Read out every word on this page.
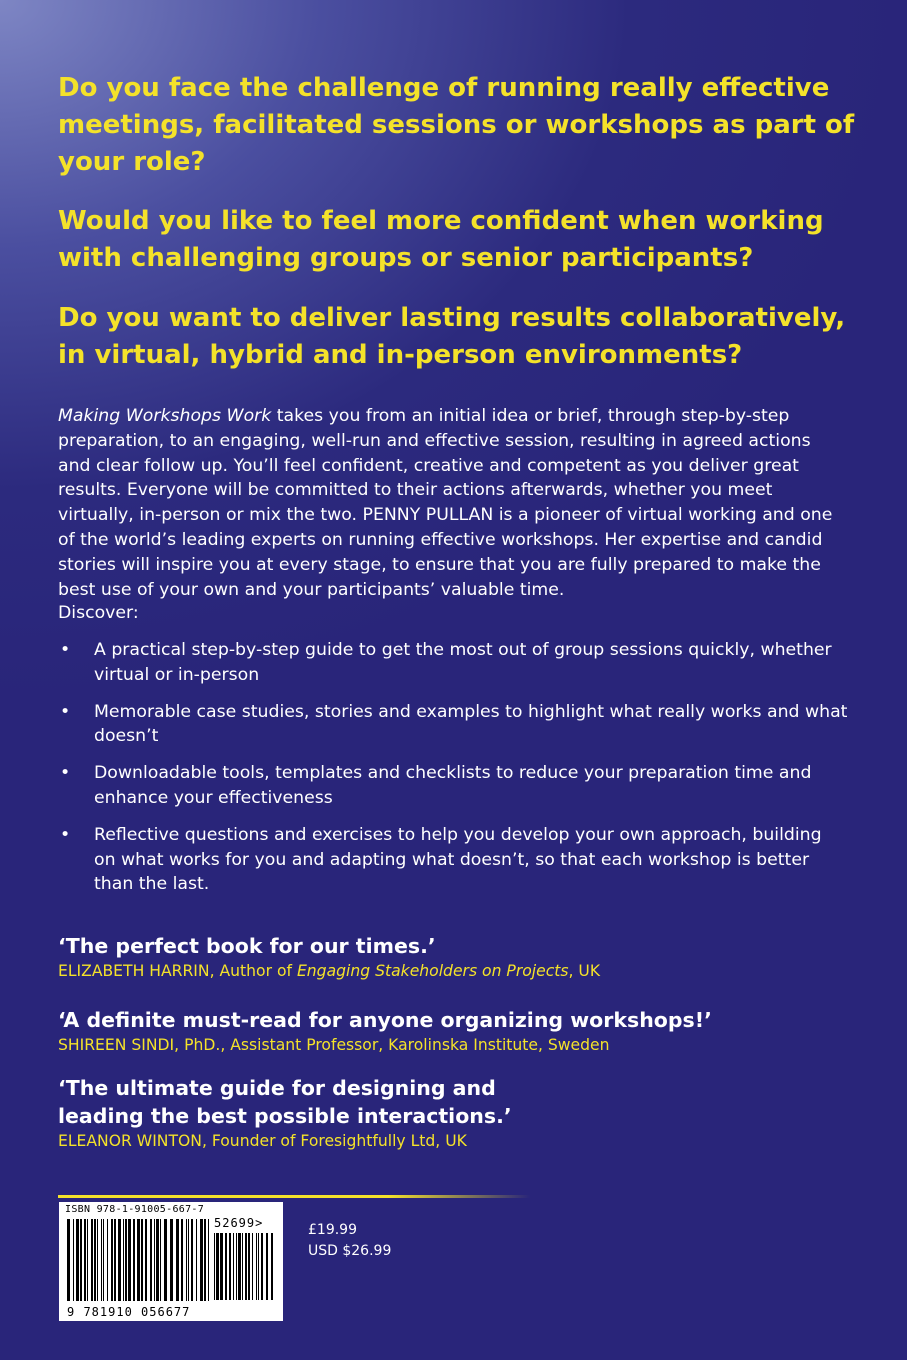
Do you face the challenge of running really effective meetings, facilitated sessions or workshops as part of your role?

Would you like to feel more confident when working with challenging groups or senior participants?

Do you want to deliver lasting results collaboratively, in virtual, hybrid and in-person environments?

Making Workshops Work takes you from an initial idea or brief, through step-by-step preparation, to an engaging, well-run and effective session, resulting in agreed actions and clear follow up. You’ll feel confident, creative and competent as you deliver great results. Everyone will be committed to their actions afterwards, whether you meet virtually, in-person or mix the two. PENNY PULLAN is a pioneer of virtual working and one of the world’s leading experts on running effective workshops. Her expertise and candid stories will inspire you at every stage, to ensure that you are fully prepared to make the best use of your own and your participants’ valuable time.

Discover:
• A practical step-by-step guide to get the most out of group sessions quickly, whether virtual or in-person
• Memorable case studies, stories and examples to highlight what really works and what doesn’t
• Downloadable tools, templates and checklists to reduce your preparation time and enhance your effectiveness
• Reflective questions and exercises to help you develop your own approach, building on what works for you and adapting what doesn’t, so that each workshop is better than the last.

‘The perfect book for our times.’

ELIZABETH HARRIN, Author of Engaging Stakeholders on Projects, UK

‘A definite must-read for anyone organizing workshops!’

SHIREEN SINDI, PhD., Assistant Professor, Karolinska Institute, Sweden

‘The ultimate guide for designing and leading the best possible interactions.’

ELEANOR WINTON, Founder of Foresightfully Ltd, UK

ISBN 978-1-91005-667-7
52699>
9 781910 056677

£19.99

USD $26.99
